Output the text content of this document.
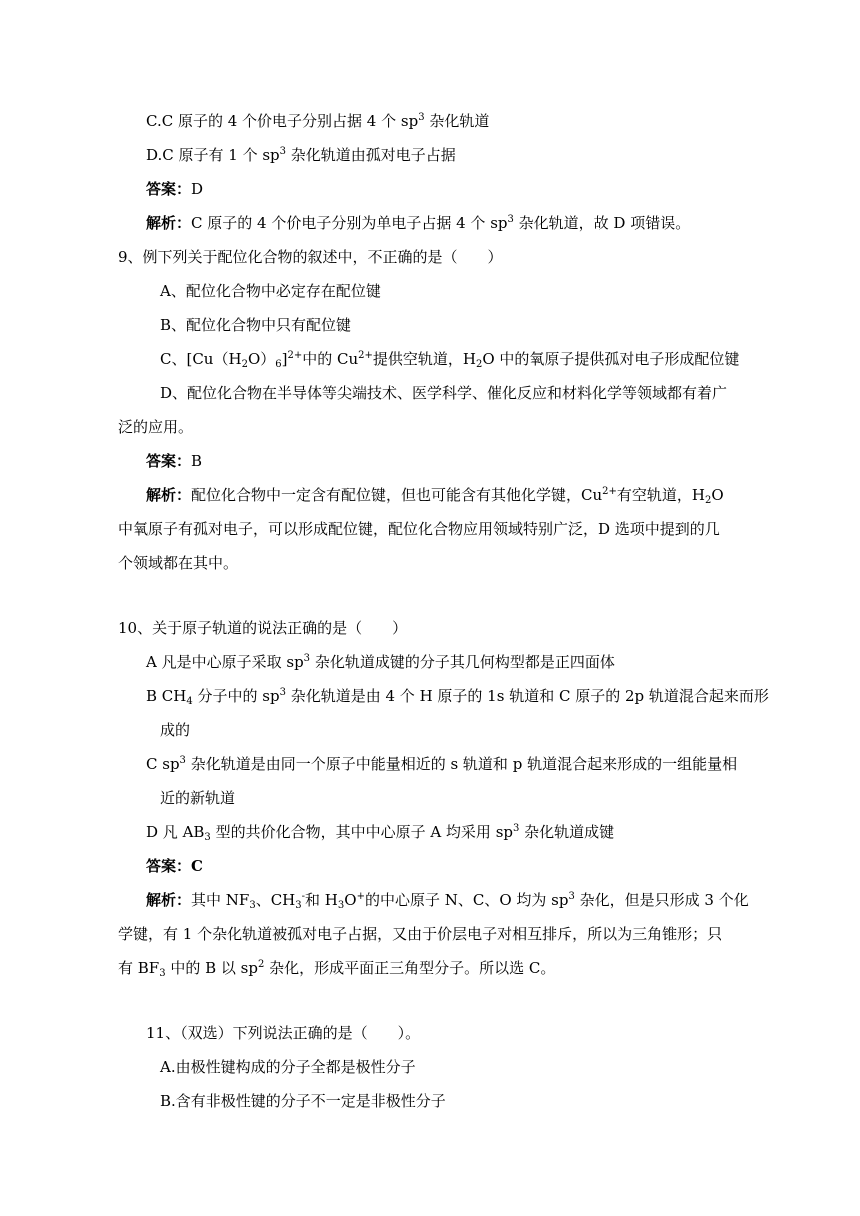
C.C 原子的 4 个价电子分别占据 4 个 $sp^3$ 杂化轨道
D.C 原子有 1 个 $sp^3$ 杂化轨道由孤对电子占据
答案：D
解析：C 原子的 4 个价电子分别为单电子占据 4 个 $sp^3$ 杂化轨道，故 D 项错误。
9、例下列关于配位化合物的叙述中，不正确的是（　　）
A、配位化合物中必定存在配位键
B、配位化合物中只有配位键
C、$[Cu(H_2O)_6]^{2+}$中的 $Cu^{2+}$提供空轨道，$H_2O$ 中的氧原子提供孤对电子形成配位键
D、配位化合物在半导体等尖端技术、医学科学、催化反应和材料化学等领域都有着广
泛的应用。
答案：B
解析：配位化合物中一定含有配位键，但也可能含有其他化学键，$Cu^{2+}$有空轨道，$H_2O$
中氧原子有孤对电子，可以形成配位键，配位化合物应用领域特别广泛，D 选项中提到的几
个领域都在其中。
10、关于原子轨道的说法正确的是（　　）
A 凡是中心原子采取 $sp^3$ 杂化轨道成键的分子其几何构型都是正四面体
B $CH_4$ 分子中的 $sp^3$ 杂化轨道是由 4 个 H 原子的 1s 轨道和 C 原子的 2p 轨道混合起来而形
成的
C $sp^3$ 杂化轨道是由同一个原子中能量相近的 s 轨道和 p 轨道混合起来形成的一组能量相
近的新轨道
D 凡 $AB_3$ 型的共价化合物，其中中心原子 A 均采用 $sp^3$ 杂化轨道成键
答案：C
解析：其中 $NF_3$、$CH_3^-$和 $H_3O^+$的中心原子 N、C、O 均为 $sp^3$ 杂化，但是只形成 3 个化
学键，有 1 个杂化轨道被孤对电子占据，又由于价层电子对相互排斥，所以为三角锥形；只
有 $BF_3$ 中的 B 以 $sp^2$ 杂化，形成平面正三角型分子。所以选 C。
11、（双选）下列说法正确的是（　　）。
A.由极性键构成的分子全都是极性分子
B.含有非极性键的分子不一定是非极性分子
